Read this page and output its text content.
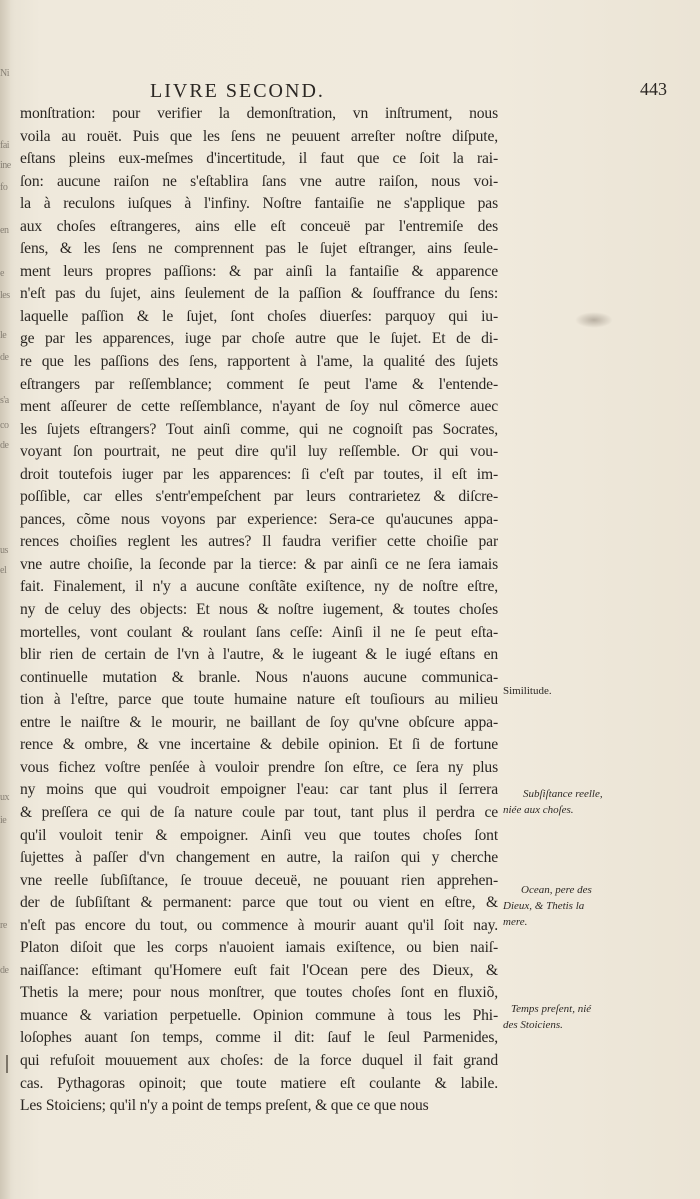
Ni
fai
ine
fo
en
e
les
le
de
s'a
co
de
us
el
ux
ie
re
de
LIVRE SECOND.	443
monſtration: pour verifier la demonſtration, vn inſtrument, nous
voila au rouët. Puis que les ſens ne peuuent arreſter noſtre diſpute,
eſtans pleins eux-meſmes d'incertitude, il faut que ce ſoit la rai-
ſon: aucune raiſon ne s'eſtablira ſans vne autre raiſon, nous voi-
la à reculons iuſques à l'infiny. Noſtre fantaiſie ne s'applique pas
aux choſes eſtrangeres, ains elle eſt conceuë par l'entremiſe des
ſens, & les ſens ne comprennent pas le ſujet eſtranger, ains ſeule-
ment leurs propres paſſions: & par ainſi la fantaiſie & apparence
n'eſt pas du ſujet, ains ſeulement de la paſſion & ſouffrance du ſens:
laquelle paſſion & le ſujet, ſont choſes diuerſes: parquoy qui iu-
ge par les apparences, iuge par choſe autre que le ſujet. Et de di-
re que les paſſions des ſens, rapportent à l'ame, la qualité des ſujets
eſtrangers par reſſemblance; comment ſe peut l'ame & l'entende-
ment aſſeurer de cette reſſemblance, n'ayant de ſoy nul cõmerce auec
les ſujets eſtrangers? Tout ainſi comme, qui ne cognoiſt pas Socrates,
voyant ſon pourtrait, ne peut dire qu'il luy reſſemble. Or qui vou-
droit toutefois iuger par les apparences: ſi c'eſt par toutes, il eſt im-
poſſible, car elles s'entr'empeſchent par leurs contrarietez & diſcre-
pances, cõme nous voyons par experience: Sera-ce qu'aucunes appa-
rences choiſies reglent les autres? Il faudra verifier cette choiſie par
vne autre choiſie, la ſeconde par la tierce: & par ainſi ce ne ſera iamais
fait. Finalement, il n'y a aucune conſtãte exiſtence, ny de noſtre eſtre,
ny de celuy des objects: Et nous & noſtre iugement, & toutes choſes
mortelles, vont coulant & roulant ſans ceſſe: Ainſi il ne ſe peut eſta-
blir rien de certain de l'vn à l'autre, & le iugeant & le iugé eſtans en
continuelle mutation & branle. Nous n'auons aucune communica-
tion à l'eſtre, parce que toute humaine nature eſt touſiours au milieu
entre le naiſtre & le mourir, ne baillant de ſoy qu'vne obſcure appa-
rence & ombre, & vne incertaine & debile opinion. Et ſi de fortune
vous fichez voſtre penſée à vouloir prendre ſon eſtre, ce ſera ny plus
ny moins que qui voudroit empoigner l'eau: car tant plus il ſerrera
& preſſera ce qui de ſa nature coule par tout, tant plus il perdra ce
qu'il vouloit tenir & empoigner. Ainſi veu que toutes choſes ſont
ſujettes à paſſer d'vn changement en autre, la raiſon qui y cherche
vne reelle ſubſiſtance, ſe trouue deceuë, ne pouuant rien apprehen-
der de ſubſiſtant & permanent: parce que tout ou vient en eſtre, &
n'eſt pas encore du tout, ou commence à mourir auant qu'il ſoit nay.
Platon diſoit que les corps n'auoient iamais exiſtence, ou bien naiſ-
naiſſance: eſtimant qu'Homere euſt fait l'Ocean pere des Dieux, &
Thetis la mere; pour nous monſtrer, que toutes choſes ſont en fluxiõ,
muance & variation perpetuelle. Opinion commune à tous les Phi-
loſophes auant ſon temps, comme il dit: ſauf le ſeul Parmenides,
qui refuſoit mouuement aux choſes: de la force duquel il fait grand
cas. Pythagoras opinoit; que toute matiere eſt coulante & labile.
Les Stoiciens; qu'il n'y a point de temps preſent, & que ce que nous
Similitude.
Subſiſtance reelle,
niée aux choſes.
Ocean, pere des
Dieux, & Thetis la
mere.
Temps preſent, nié
des Stoiciens.
